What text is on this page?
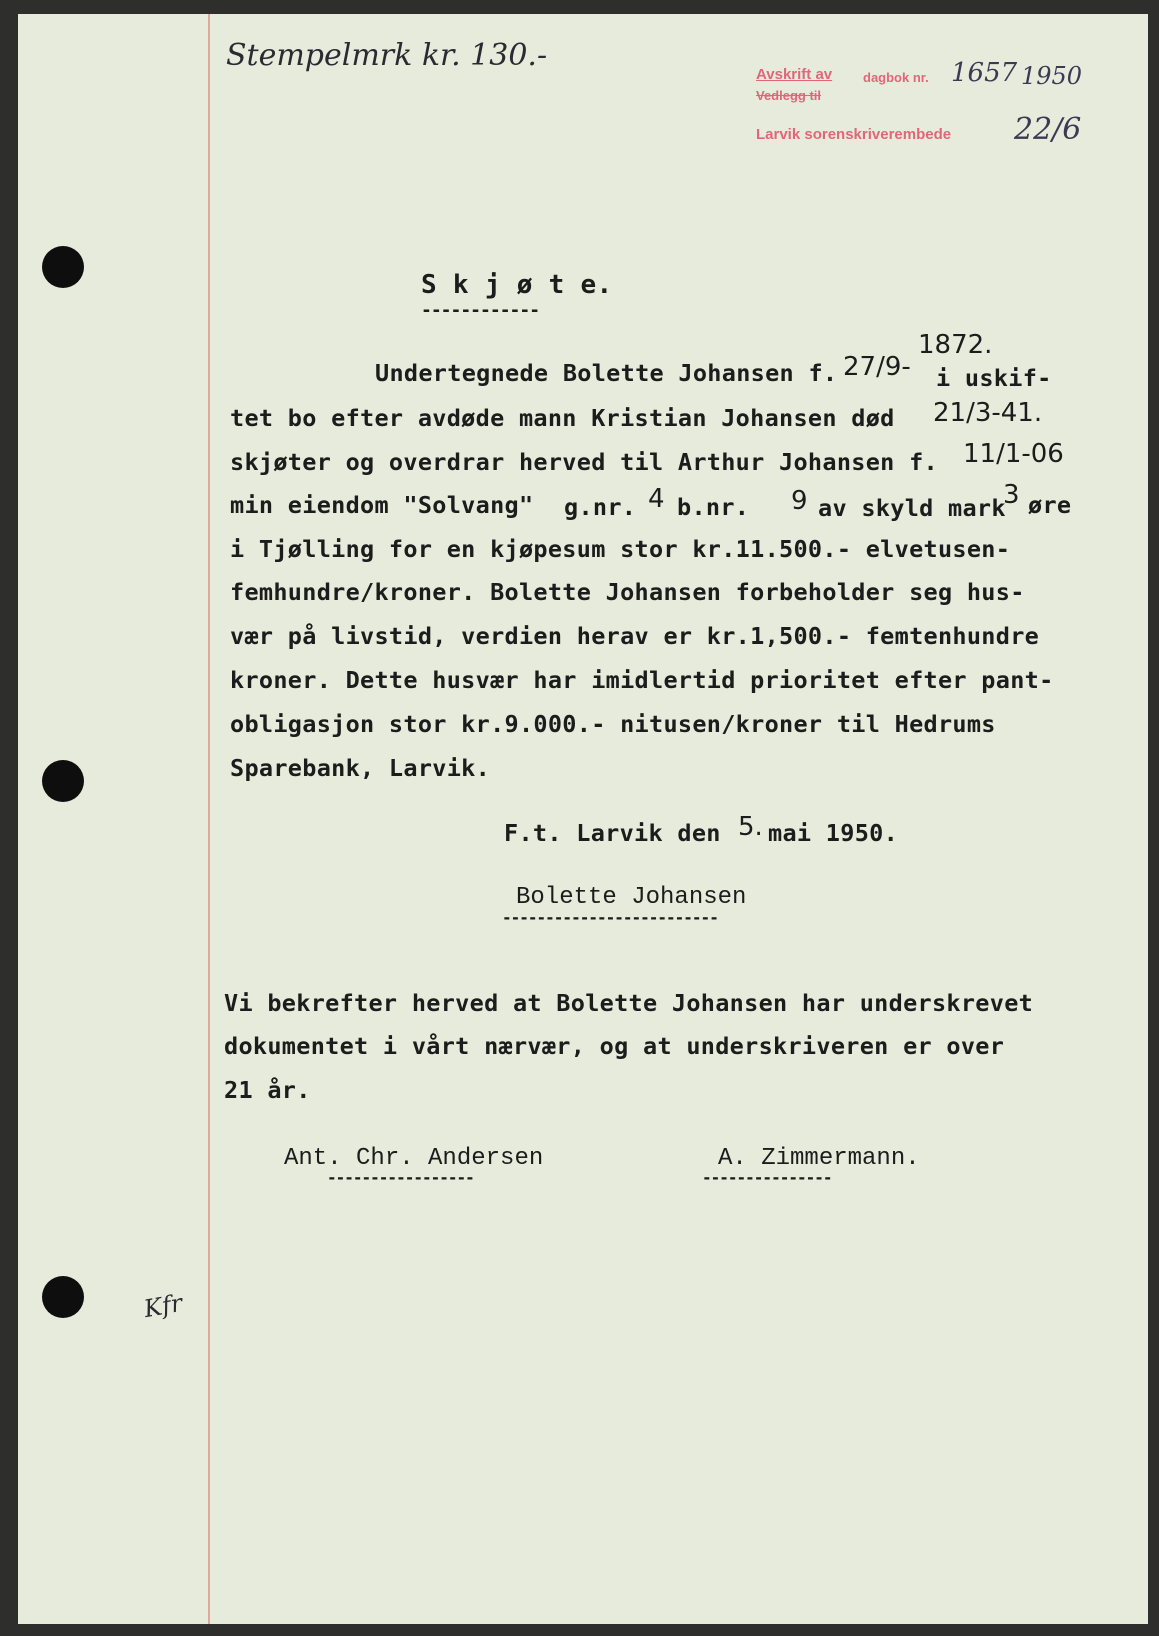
Stempelmrk kr. 130.-
Avskrift av dagbok nr. 1657 1950
Vedlegg til
Larvik sorenskriverembede 22/6
S k j ø t e.
------------
Undertegnede Bolette Johansen f. 27/9-
1872.
i uskif-
tet bo efter avdøde mann Kristian Johansen død 21/3-41.
skjøter og overdrar herved til Arthur Johansen f. 11/1-06
min eiendom "Solvang" g.nr. 4 b.nr. 9 av skyld mark
3 øre
i Tjølling for en kjøpesum stor kr.11.500.- elvetusen-
femhundre/kroner. Bolette Johansen forbeholder seg hus-
vær på livstid, verdien herav er kr.1,500.- femtenhundre
kroner. Dette husvær har imidlertid prioritet efter pant-
obligasjon stor kr.9.000.- nitusen/kroner til Hedrums
Sparebank, Larvik.
F.t. Larvik den 5. mai 1950.
Bolette Johansen
-------------------------
Vi bekrefter herved at Bolette Johansen har underskrevet
dokumentet i vårt nærvær, og at underskriveren er over
21 år.
Ant. Chr. Andersen
-----------------
A. Zimmermann.
---------------
Kfr
